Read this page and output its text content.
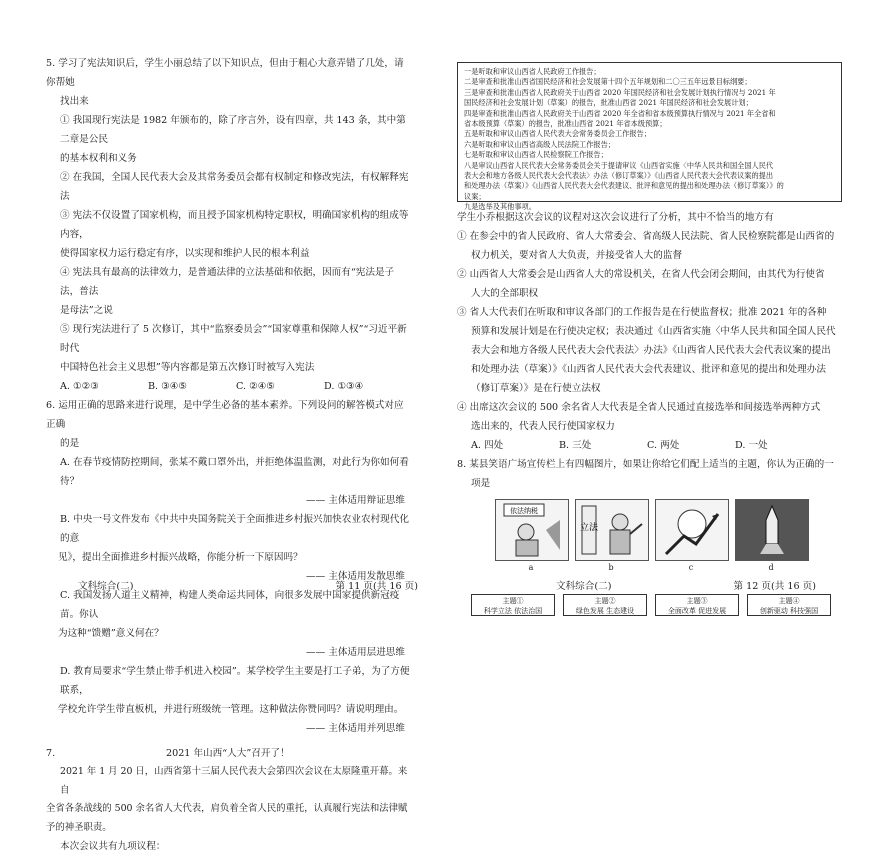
5. 学习了宪法知识后，学生小丽总结了以下知识点，但由于粗心大意弄错了几处，请你帮她

找出来

① 我国现行宪法是 1982 年颁布的，除了序言外，设有四章，共 143 条，其中第二章是公民

的基本权利和义务

② 在我国，全国人民代表大会及其常务委员会都有权制定和修改宪法，有权解释宪法

③ 宪法不仅设置了国家机构，而且授予国家机构特定职权，明确国家机构的组成等内容，

使得国家权力运行稳定有序，以实现和维护人民的根本利益

④ 宪法具有最高的法律效力，是普通法律的立法基础和依据，因而有“宪法是子法，普法

是母法”之说

⑤ 现行宪法进行了 5 次修订，其中“监察委员会”“国家尊重和保障人权”“习近平新时代

中国特色社会主义思想”等内容都是第五次修订时被写入宪法

A. ①②③	B. ③④⑤	C. ②④⑤	D. ①③④

6. 运用正确的思路来进行说理，是中学生必备的基本素养。下列设问的解答模式对应正确

的是

A. 在春节疫情防控期间，张某不戴口罩外出，并拒绝体温监测，对此行为你如何看待？

—— 主体适用辩证思维

B. 中央一号文件发布《中共中央国务院关于全面推进乡村振兴加快农业农村现代化的意

见》，提出全面推进乡村振兴战略，你能分析一下原因吗？

—— 主体适用发散思维

C. 我国发扬人道主义精神，构建人类命运共同体，向很多发展中国家提供新冠疫苗。你认

为这种“馈赠”意义何在？

—— 主体适用层进思维

D. 教育局要求“学生禁止带手机进入校园”。某学校学生主要是打工子弟，为了方便联系，

学校允许学生带直板机，并进行班级统一管理。这种做法你赞同吗？请说明理由。

—— 主体适用并列思维

7.	2021 年山西“人大”召开了！

2021 年 1 月 20 日，山西省第十三届人民代表大会第四次会议在太原隆重开幕。来自

全省各条战线的 500 余名省人大代表，肩负着全省人民的重托，认真履行宪法和法律赋

予的神圣职责。

本次会议共有九项议程：

文科综合(二)	第 11 页(共 16 页)

一是听取和审议山西省人民政府工作报告；

二是审查和批准山西省国民经济和社会发展第十四个五年规划和二〇三五年远景目标纲要；

三是审查和批准山西省人民政府关于山西省 2020 年国民经济和社会发展计划执行情况与 2021 年

国民经济和社会发展计划（草案）的报告，批准山西省 2021 年国民经济和社会发展计划；

四是审查和批准山西省人民政府关于山西省 2020 年全省和省本级预算执行情况与 2021 年全省和

省本级预算（草案）的报告，批准山西省 2021 年省本级预算；

五是听取和审议山西省人民代表大会常务委员会工作报告；

六是听取和审议山西省高级人民法院工作报告；

七是听取和审议山西省人民检察院工作报告；

八是审议山西省人民代表大会常务委员会关于提请审议《山西省实施〈中华人民共和国全国人民代

表大会和地方各级人民代表大会代表法〉办法（修订草案）》《山西省人民代表大会代表议案的提出

和处理办法（草案）》《山西省人民代表大会代表建议、批评和意见的提出和处理办法（修订草案）》的

议案；

九是选举及其他事项。

学生小乔根据这次会议的议程对这次会议进行了分析，其中不恰当的地方有

① 在参会中的省人民政府、省人大常委会、省高级人民法院、省人民检察院都是山西省的

权力机关，要对省人大负责，并接受省人大的监督

② 山西省人大常委会是山西省人大的常设机关，在省人代会闭会期间，由其代为行使省

人大的全部职权

③ 省人大代表们在听取和审议各部门的工作报告是在行使监督权；批准 2021 年的各种

预算和发展计划是在行使决定权；表决通过《山西省实施〈中华人民共和国全国人民代

表大会和地方各级人民代表大会代表法〉办法》《山西省人民代表大会代表议案的提出

和处理办法（草案）》《山西省人民代表大会代表建议、批评和意见的提出和处理办法

（修订草案）》是在行使立法权

④ 出席这次会议的 500 余名省人大代表是全省人民通过直接选举和间接选举两种方式

选出来的，代表人民行使国家权力

A. 四处	B. 三处	C. 两处	D. 一处

8. 某县笑语广场宣传栏上有四幅图片，如果让你给它们配上适当的主题，你认为正确的一

项是

依法纳税
a
立法
b	c	d

主题①

科学立法 依法治国

主题②

绿色发展 生态建设

主题③

全面改革 促进发展

主题④

创新驱动 科技强国

文科综合(二)	第 12 页(共 16 页)
